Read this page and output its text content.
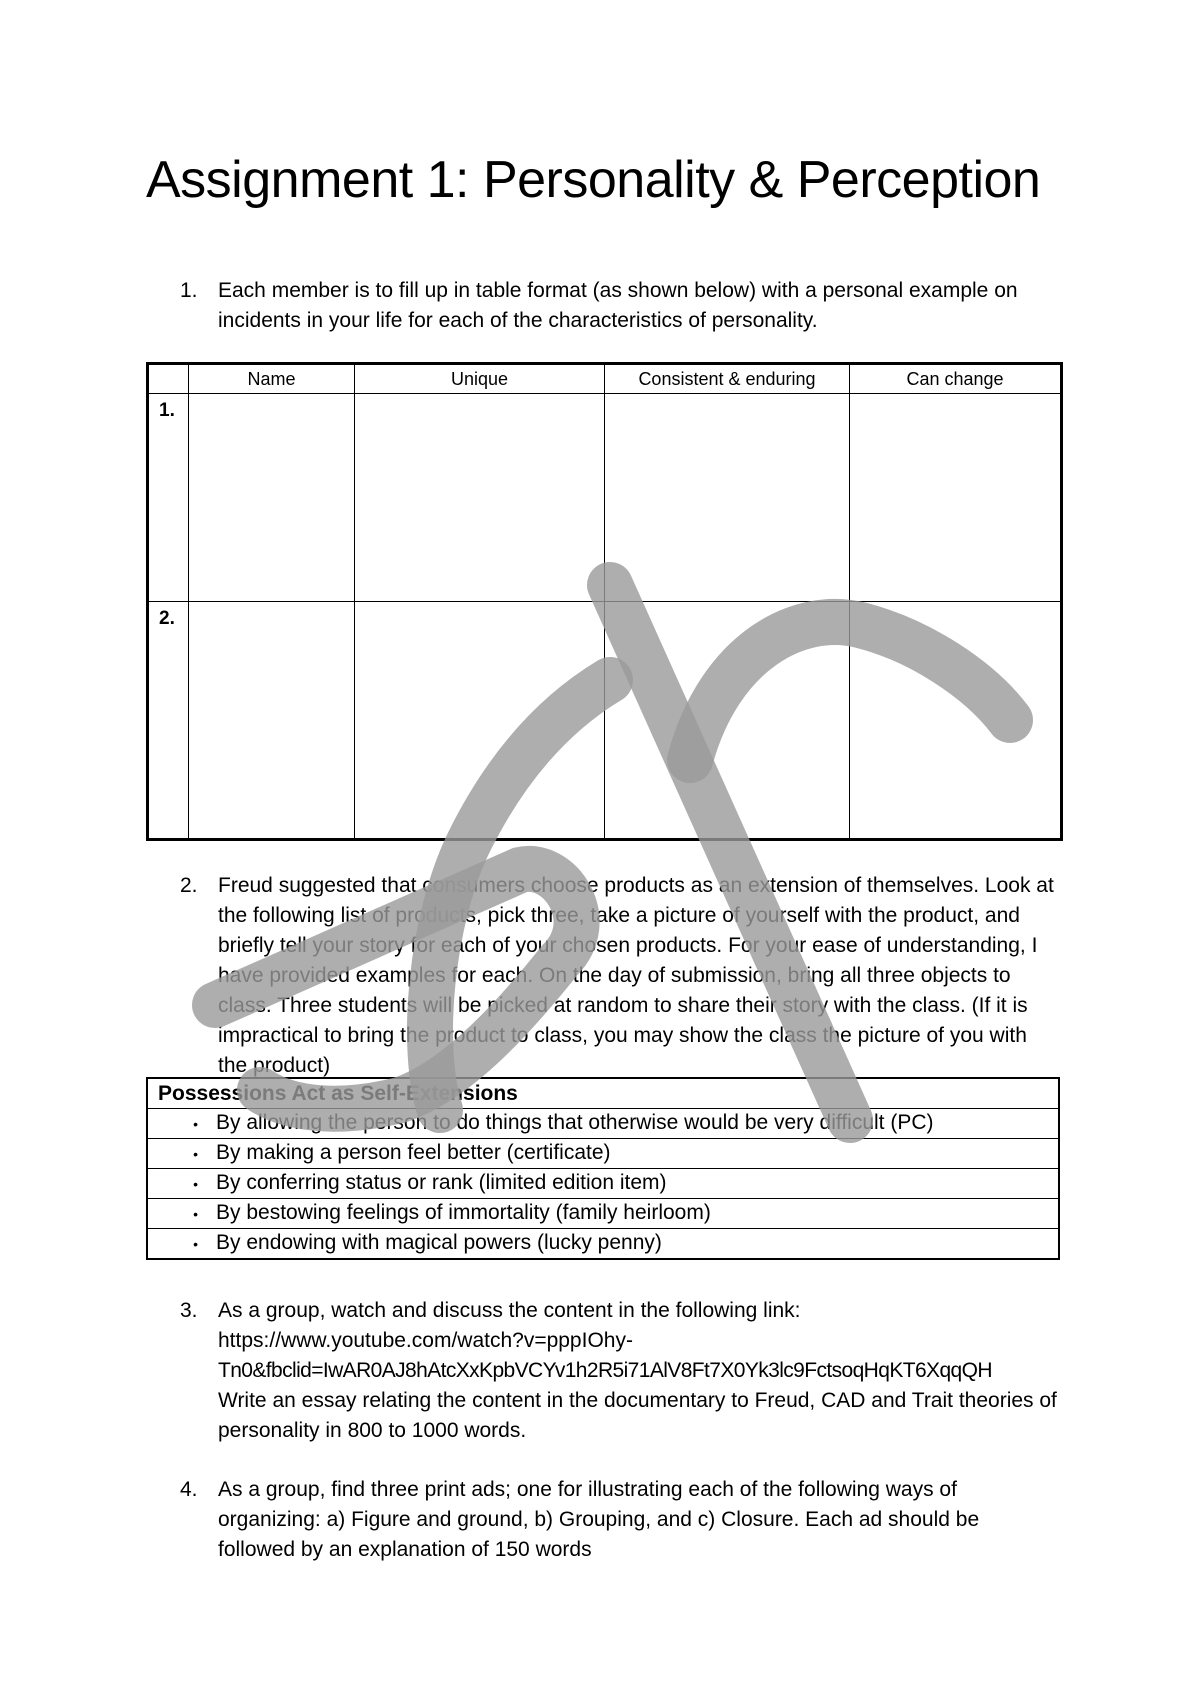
Assignment 1: Personality & Perception
1. Each member is to fill up in table format (as shown below) with a personal example on incidents in your life for each of the characteristics of personality.

	Name	Unique	Consistent & enduring	Can change
1.				
2.				
2. Freud suggested that consumers choose products as an extension of themselves. Look at the following list of products, pick three, take a picture of yourself with the product, and briefly tell your story for each of your chosen products. For your ease of understanding, I have provided examples for each. On the day of submission, bring all three objects to class. Three students will be picked at random to share their story with the class. (If it is impractical to bring the product to class, you may show the class the picture of you with the product)

Possessions Act as Self-Extensions
• By allowing the person to do things that otherwise would be very difficult (PC)
• By making a person feel better (certificate)
• By conferring status or rank (limited edition item)
• By bestowing feelings of immortality (family heirloom)
• By endowing with magical powers (lucky penny)
3. As a group, watch and discuss the content in the following link:

https://www.youtube.com/watch?v=pppIOhy-

Tn0&fbclid=IwAR0AJ8hAtcXxKpbVCYv1h2R5i71AlV8Ft7X0Yk3lc9FctsoqHqKT6XqqQH

Write an essay relating the content in the documentary to Freud, CAD and Trait theories of personality in 800 to 1000 words.

4. As a group, find three print ads; one for illustrating each of the following ways of organizing: a) Figure and ground, b) Grouping, and c) Closure. Each ad should be followed by an explanation of 150 words
